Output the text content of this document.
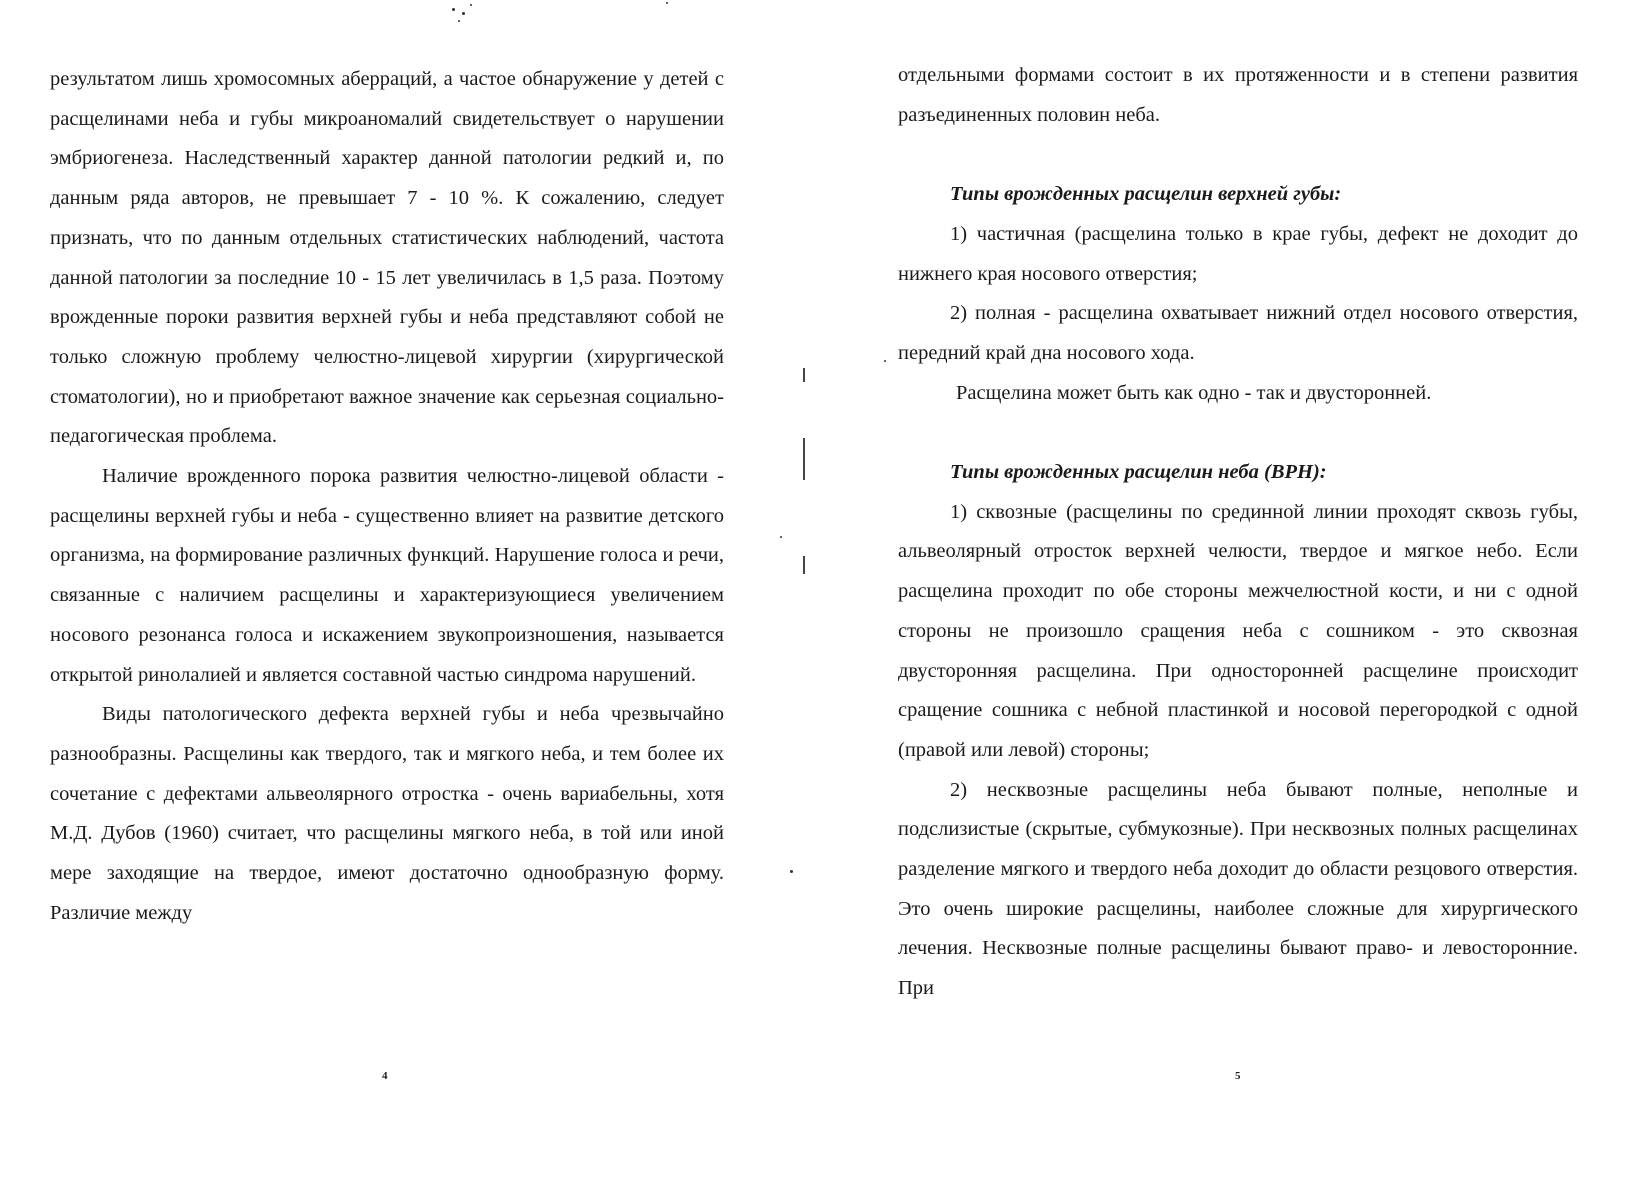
результатом лишь хромосомных аберраций, а частое обнаружение у детей с расщелинами неба и губы микроаномалий свидетельствует о нарушении эмбриогенеза. Наследственный характер данной патологии редкий и, по данным ряда авторов, не превышает 7 - 10 %. К сожалению, следует признать, что по данным отдельных статистических наблюдений, частота данной патологии за последние 10 - 15 лет увеличилась в 1,5 раза. Поэтому врожденные пороки развития верхней губы и неба представляют собой не только сложную проблему челюстно-лицевой хирургии (хирургической стоматологии), но и приобретают важное значение как серьезная социально-педагогическая проблема.

Наличие врожденного порока развития челюстно-лицевой области - расщелины верхней губы и неба - существенно влияет на развитие детского организма, на формирование различных функций. Нарушение голоса и речи, связанные с наличием расщелины и характеризующиеся увеличением носового резонанса голоса и искажением звукопроизношения, называется открытой ринолалией и является составной частью синдрома нарушений.

Виды патологического дефекта верхней губы и неба чрезвычайно разнообразны. Расщелины как твердого, так и мягкого неба, и тем более их сочетание с дефектами альвеолярного отростка - очень вариабельны, хотя М.Д. Дубов (1960) считает, что расщелины мягкого неба, в той или иной мере заходящие на твердое, имеют достаточно однообразную форму. Различие между

4

отдельными формами состоит в их протяженности и в степени развития разъединенных половин неба.

Типы врожденных расщелин верхней губы:

1) частичная (расщелина только в крае губы, дефект не доходит до нижнего края носового отверстия;

2) полная - расщелина охватывает нижний отдел носового отверстия, передний край дна носового хода.

Расщелина может быть как одно - так и двусторонней.

Типы врожденных расщелин неба (ВРН):

1) сквозные (расщелины по срединной линии проходят сквозь губы, альвеолярный отросток верхней челюсти, твердое и мягкое небо. Если расщелина проходит по обе стороны межчелюстной кости, и ни с одной стороны не произошло сращения неба с сошником - это сквозная двусторонняя расщелина. При односторонней расщелине происходит сращение сошника с небной пластинкой и носовой перегородкой с одной (правой или левой) стороны;

2) несквозные расщелины неба бывают полные, неполные и подслизистые (скрытые, субмукозные). При несквозных полных расщелинах разделение мягкого и твердого неба доходит до области резцового отверстия. Это очень широкие расщелины, наиболее сложные для хирургического лечения. Несквозные полные расщелины бывают право- и левосторонние. При

5
